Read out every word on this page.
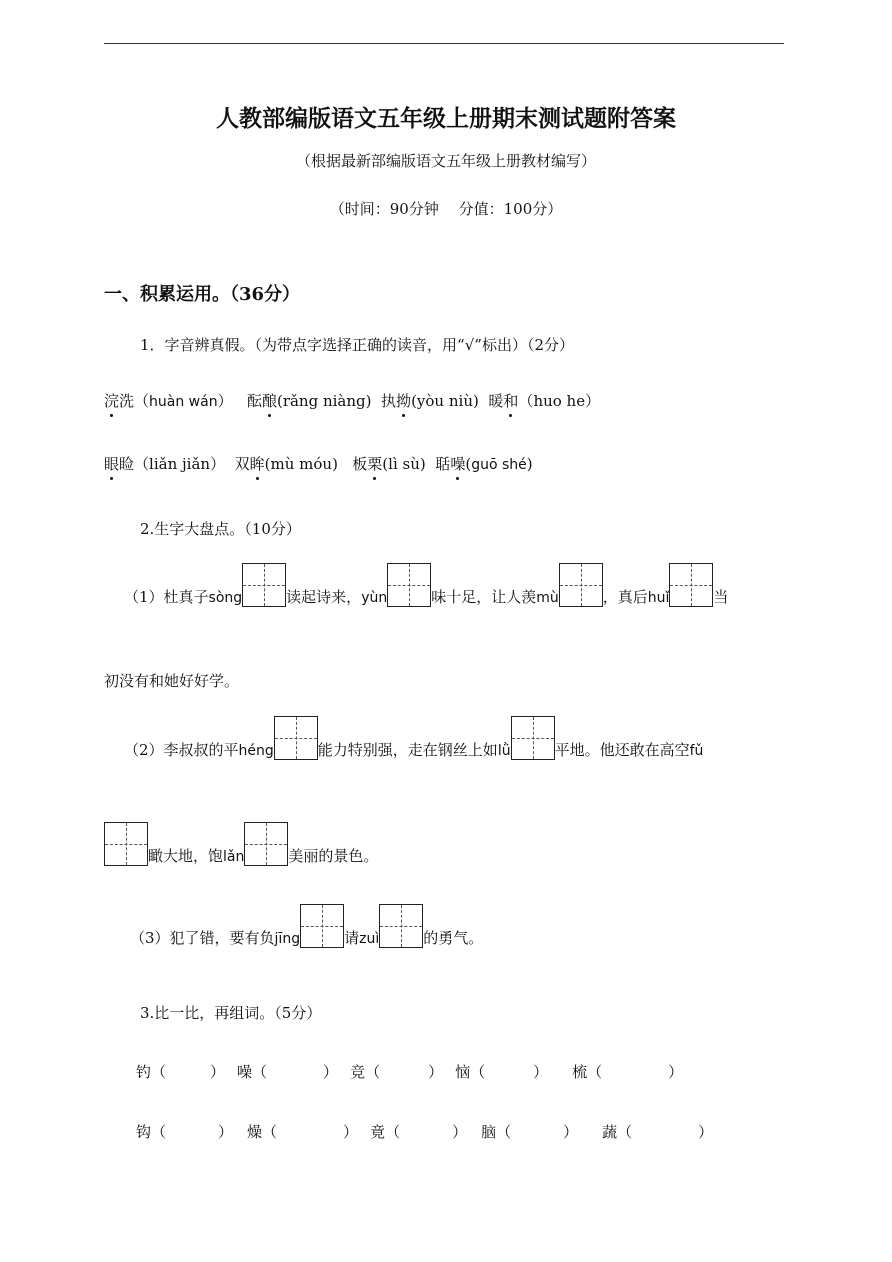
人教部编版语文五年级上册期末测试题附答案
（根据最新部编版语文五年级上册教材编写）
（时间：90分钟　 分值：100分）
一、积累运用。（36分）
1．字音辨真假。（为带点字选择正确的读音，用“√”标出）（2分）
浣洗（huàn wán） 酝酿(rǎng niàng) 执拗(yòu niù) 暖和（huo he）
眼睑（liǎn jiǎn） 双眸(mù móu) 板栗(lì sù) 聒噪(guō shé)
2.生字大盘点。（10分）
（1）杜真子sòng	读起诗来，yùn	味十足，让人羡mù	，真后huǐ	当
初没有和她好好学。
（2）李叔叔的平héng	能力特别强，走在钢丝上如lǜ	平地。他还敢在高空fǔ
瞰大地，饱lǎn	美丽的景色。
（3）犯了错，要有负jīng	请zuì	的勇气。
3.比一比，再组词。（5分）
钓（	） 噪（	） 竞（	） 恼（	） 梳（	）
钩（	） 燥（	） 竟（	） 脑（	） 蔬（	）
